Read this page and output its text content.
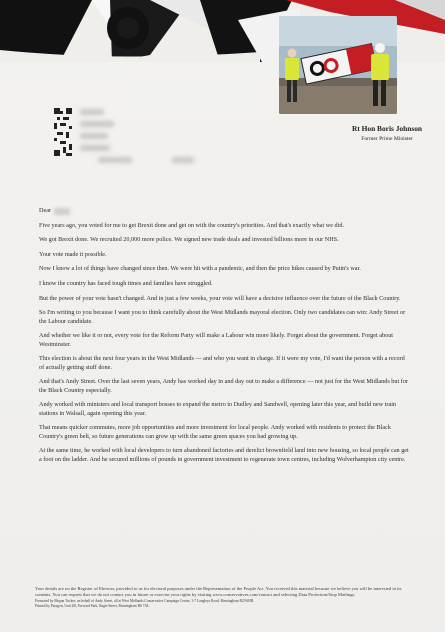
Rt Hon Boris Johnson
Former Prime Minister

Dear

Five years ago, you voted for me to get Brexit done and get on with the country's priorities. And that's exactly what we did.

We got Brexit done. We recruited 20,000 more police. We signed new trade deals and invested billions more in our NHS.

Your vote made it possible.

Now I know a lot of things have changed since then. We were hit with a pandemic, and then the price hikes caused by Putin's war.

I know the country has faced tough times and families have struggled.

But the power of your vote hasn't changed. And in just a few weeks, your vote will have a decisive influence over the future of the Black Country.

So I'm writing to you because I want you to think carefully about the West Midlands mayoral election. Only two candidates can win: Andy Street or the Labour candidate.

And whether we like it or not, every vote for the Reform Party will make a Labour win more likely. Forget about the government. Forget about Westminster.

This election is about the next four years in the West Midlands — and who you want in charge. If it were my vote, I'd want the person with a record of actually getting stuff done.

And that's Andy Street. Over the last seven years, Andy has worked day in and day out to make a difference — not just for the West Midlands but for the Black Country especially.

Andy worked with ministers and local transport bosses to expand the metro to Dudley and Sandwell, opening later this year, and build new train stations in Walsall, again opening this year.

That means quicker commutes, more job opportunities and more investment for local people. Andy worked with residents to protect the Black Country's green belt, so future generations can grow up with the same green spaces you had growing up.

At the same time, he worked with local developers to turn abandoned factories and derelict brownfield land into new housing, so local people can get a foot on the ladder. And he secured millions of pounds in government investment to regenerate town centres, including Wolverhampton city centre.

Your details are on the Register of Electors, provided to us for electoral purposes under the Representation of the People Act. You received this material because we believe you will be interested in its contents. You can request that we do not contact you in future or exercise your rights by visiting www.conservatives.com/contact and selecting Data Protection/Stop Mailings.
Promoted by Megan Tucker, on behalf of Andy Street, all at West Midlands Conservative Campaign Centre, 1-7 Langleys Road, Birmingham B29 6HR.
Printed by Paragon, Unit 2B, Forward Park, Baget Street, Birmingham B6 7AL.
